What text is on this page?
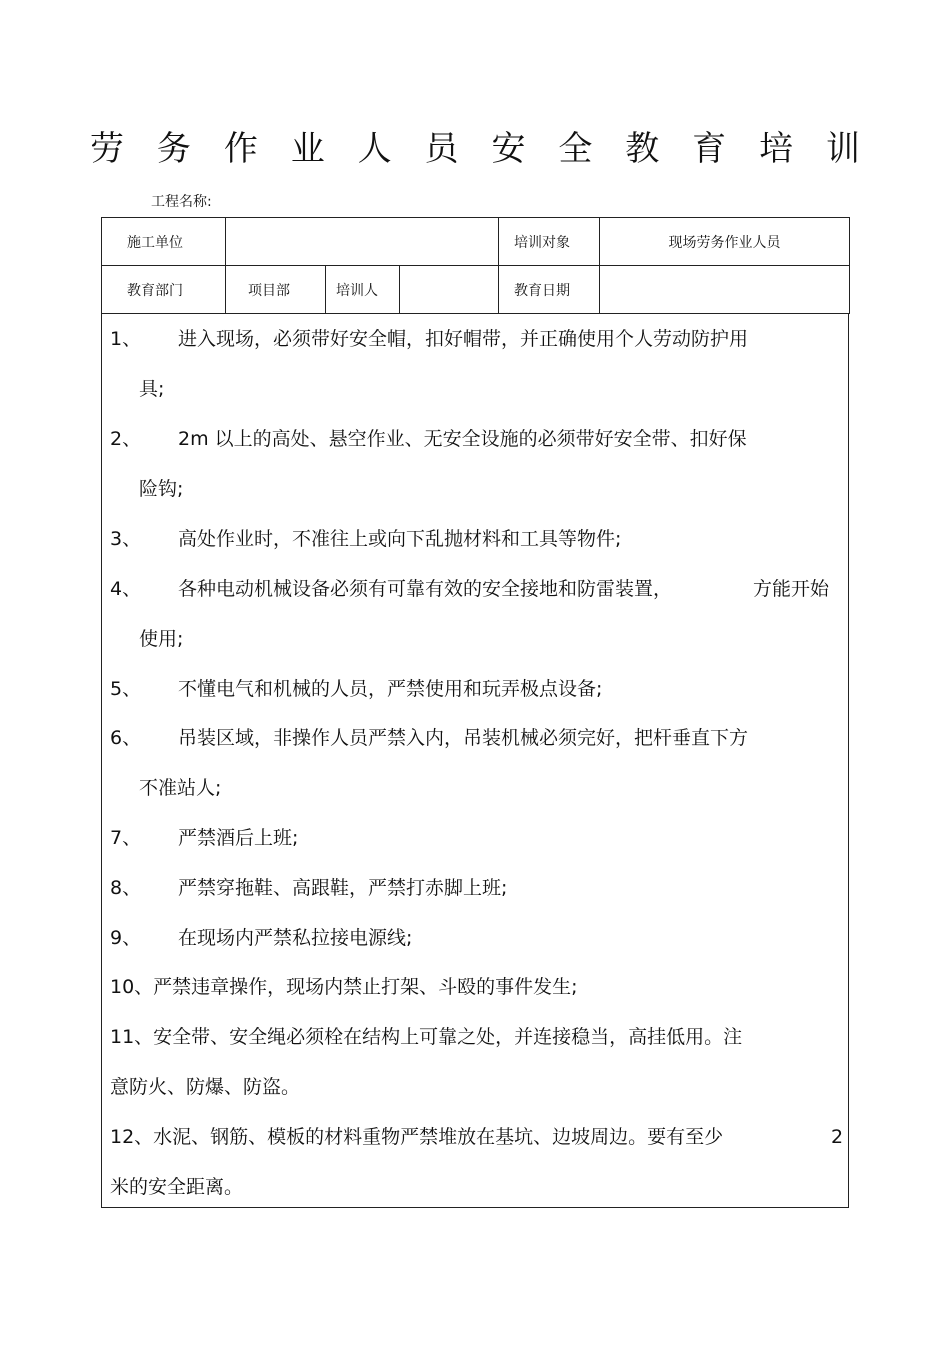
劳 务 作 业 人 员 安 全 教 育 培 训
工程名称:
施工单位				培训对象	现场劳务作业人员
教育部门	项目部	培训人		教育日期	
1、 进入现场，必须带好安全帽，扣好帽带，并正确使用个人劳动防护用
具;
2、 2m 以上的高处、悬空作业、无安全设施的必须带好安全带、扣好保
险钩;
3、 高处作业时，不准往上或向下乱抛材料和工具等物件;
4、 各种电动机械设备必须有可靠有效的安全接地和防雷装置，	方能开始
使用;
5、 不懂电气和机械的人员，严禁使用和玩弄极点设备;
6、 吊装区域，非操作人员严禁入内，吊装机械必须完好，把杆垂直下方
不准站人;
7、 严禁酒后上班;
8、 严禁穿拖鞋、高跟鞋，严禁打赤脚上班;
9、 在现场内严禁私拉接电源线;
10、严禁违章操作，现场内禁止打架、斗殴的事件发生;
11、安全带、安全绳必须栓在结构上可靠之处，并连接稳当，高挂低用。注
意防火、防爆、防盗。
12、水泥、钢筋、模板的材料重物严禁堆放在基坑、边坡周边。要有至少	2
米的安全距离。
